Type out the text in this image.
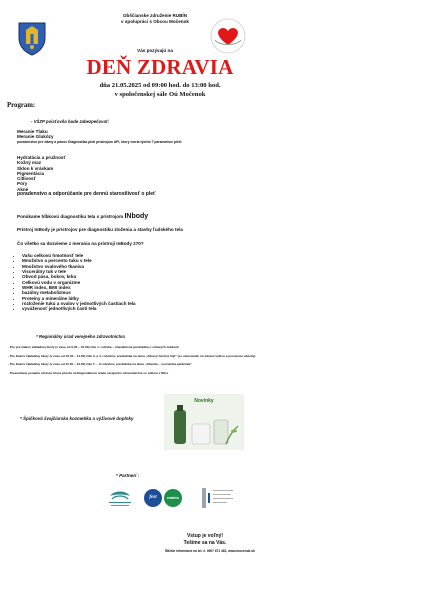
Obščianske združenie RUBÍN
v spolupráci s Obcou Močenok
Vás pozývajú na
DEŇ ZDRAVIA
dňa 21.05.2025 od 09:00 hod. do 13:00 hod.
v spoločenskej sále Oú Močenok
Program:
- VŠZP poisťovňa bude zabezpečovať:
Meranie Tlaku
Meranie Glukózy
poradenstvo pre dámy a pánov Diagnostika pleti prístrojom API, ktorý meria týchto 7 parametrov pleti:
Hydratácia a pružnosť
Kožný maz
Sklon k vráskam
Pigmentácia
Citlivosť
Póry
Akné
poradenstvo a odporúčanie pre dennú starostlivosť o pleť
Ponúkame hĺbkovú diagnostiku tela s prístrojom INbody
Prístroj InBody je prístrojov pre diagnostiku zloženia a stavby ľudského tela
Čo všetko sa dozvieme z merania na prístroji InBody 270?
• Vašu celkovú hmotnosť tele
• Množstvo a percento tuku v tele
• Množstvo svalového tkaniva
• Viscerálny tuk v tele
• Obvod pása, bokov, krku
• Celkovú vodu v organizme
• WHR index, BMI index
• bazálny metabolizmus
• Proteíny a minerálne látky
• rozloženie tuku a svalov v jednotlivých častiach tela
• vyváženosť jednotlivých častí tela
* Regionálny úrad verejného zdravotníctva
- Pre pre žiakov základnej školy (v čase od 9,00 – 10,00) čiže 1. ročníka – interaktívna prednáška o zdravých zubkoch
- Pre žiakov základnej školy (v čase od 10,00 – 11,00) čiže 3. a 4. ročníkov, prednáška na tému „Zdravý životný štýl" (so zameraním na zdravú výživu a prevenciu obezity)
- Pre žiakov základnej školy (v čase od 11,00 – 12,00) čiže 7. – 9 ročníkov, prednáška na tému „Obezita – novodobá epidémia"
- Prezentácia poradne zdravia, ktorá pôsobí na Regionálnom úrade verejného zdravotníctva so sídlom v Nitre
* Špičková švajčiarska kozmetika a výživové doplnky
Novinky
* Partneri :
fest	natelo
Vstup je voľný!
Tešíme sa na Vás.
Bližšie informácie na tel. č. 0907 671 461, www.mocenok.sk
